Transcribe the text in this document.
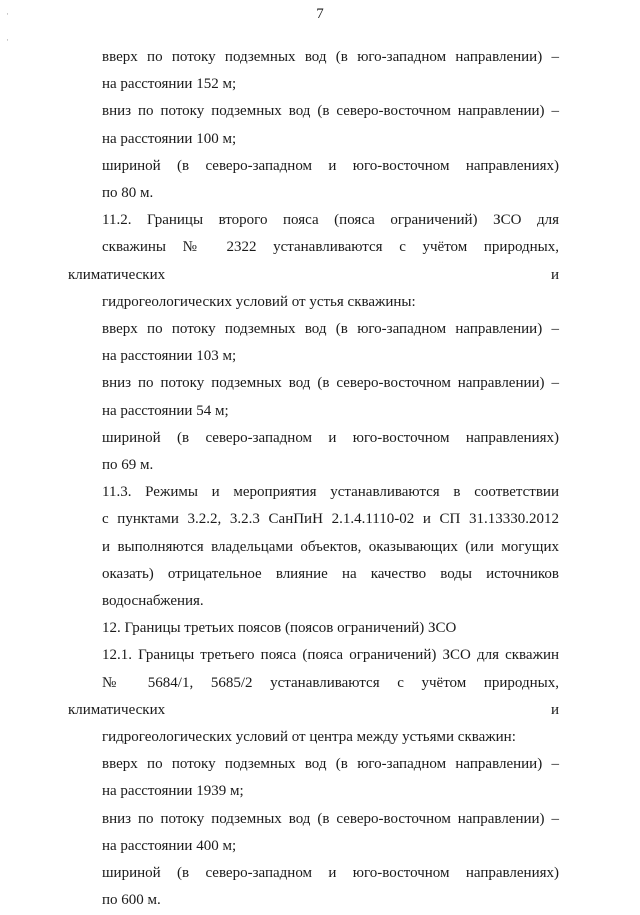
·
·
7

вверх по потоку подземных вод (в юго-западном направлении) –
на расстоянии 152 м;

вниз по потоку подземных вод (в северо-восточном направлении) –
на расстоянии 100 м;

шириной (в северо-западном и юго-восточном направлениях)
по 80 м.

11.2. Границы второго пояса (пояса ограничений) ЗСО для
скважины № 2322 устанавливаются с учётом природных, климатических и
гидрогеологических условий от устья скважины:

вверх по потоку подземных вод (в юго-западном направлении) –
на расстоянии 103 м;

вниз по потоку подземных вод (в северо-восточном направлении) –
на расстоянии 54 м;

шириной (в северо-западном и юго-восточном направлениях)
по 69 м.

11.3. Режимы и мероприятия устанавливаются в соответствии
с пунктами 3.2.2, 3.2.3 СанПиН 2.1.4.1110-02 и СП 31.13330.2012
и выполняются владельцами объектов, оказывающих (или могущих
оказать) отрицательное влияние на качество воды источников
водоснабжения.

12. Границы третьих поясов (поясов ограничений) ЗСО

12.1. Границы третьего пояса (пояса ограничений) ЗСО для скважин
№ 5684/1, 5685/2 устанавливаются с учётом природных, климатических и
гидрогеологических условий от центра между устьями скважин:

вверх по потоку подземных вод (в юго-западном направлении) –
на расстоянии 1939 м;

вниз по потоку подземных вод (в северо-восточном направлении) –
на расстоянии 400 м;

шириной (в северо-западном и юго-восточном направлениях)
по 600 м.
